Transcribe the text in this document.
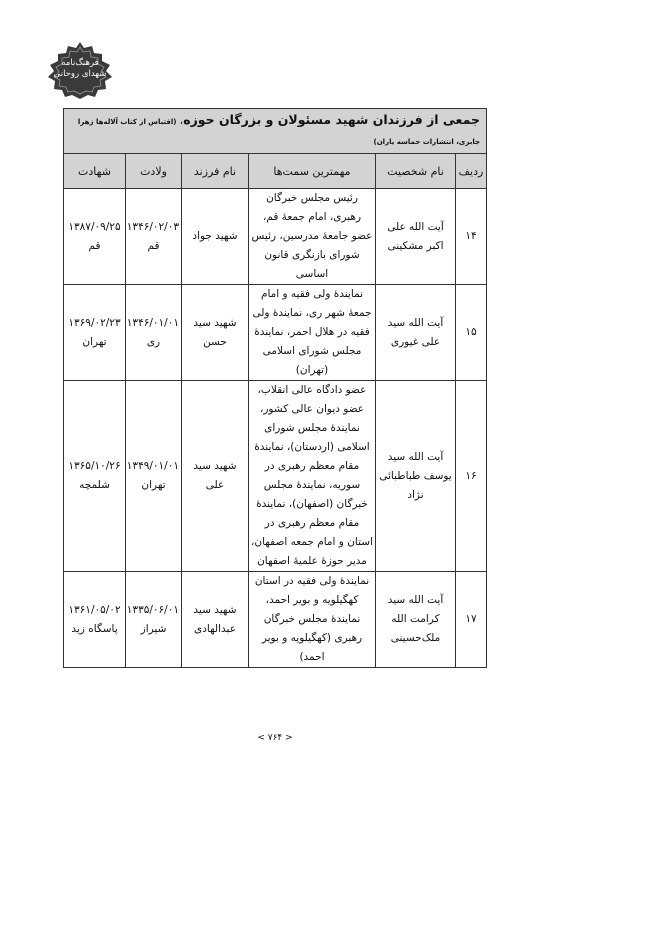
فرهنگ‌نامه
شهدای روحانی
جمعی از فرزندان شهید مسئولان و بزرگان حوزه، (اقتباس از کتاب آلاله‌ها زهرا جابری، انتشارات حماسه یاران)					
ردیف	نام شخصیت	مهمترین سمت‌ها	نام فرزند	ولادت	شهادت
۱۴	آیت الله علی اکبر مشکینی	رئیس مجلس خبرگان رهبری، امام جمعهٔ قم، عضو جامعهٔ مدرسین، رئیس شورای بازنگری قانون اساسی	شهید جواد	۱۳۴۶/۰۲/۰۳ قم	۱۳۸۷/۰۹/۲۵ قم
۱۵	آیت الله سید علی غیوری	نمایندهٔ ولی فقیه و امام جمعهٔ شهر ری، نمایندهٔ ولی فقیه در هلال احمر، نمایندهٔ مجلس شورای اسلامی (تهران)	شهید سید حسن	۱۳۴۶/۰۱/۰۱ ری	۱۳۶۹/۰۲/۲۳ تهران
۱۶	آیت الله سید یوسف طباطبائی نژاد	عضو دادگاه عالی انقلاب، عضو دیوان عالی کشور، نمایندهٔ مجلس شورای اسلامی (اردستان)، نمایندهٔ مقام معظم رهبری در سوریه، نمایندهٔ مجلس خبرگان (اصفهان)، نمایندهٔ مقام معظم رهبری در استان و امام جمعه اصفهان، مدیر حوزهٔ علمیهٔ اصفهان	شهید سید علی	۱۳۴۹/۰۱/۰۱ تهران	۱۳۶۵/۱۰/۲۶ شلمچه
۱۷	آیت الله سید کرامت الله ملک‌حسینی	نمایندهٔ ولی فقیه در استان کهگیلویه و بویر احمد، نمایندهٔ مجلس خبرگان رهبری (کهگیلویه و بویر احمد)	شهید سید عبدالهادی	۱۳۳۵/۰۶/۰۱ شیراز	۱۳۶۱/۰۵/۰۲ پاسگاه زید
< ۷۶۴ >
